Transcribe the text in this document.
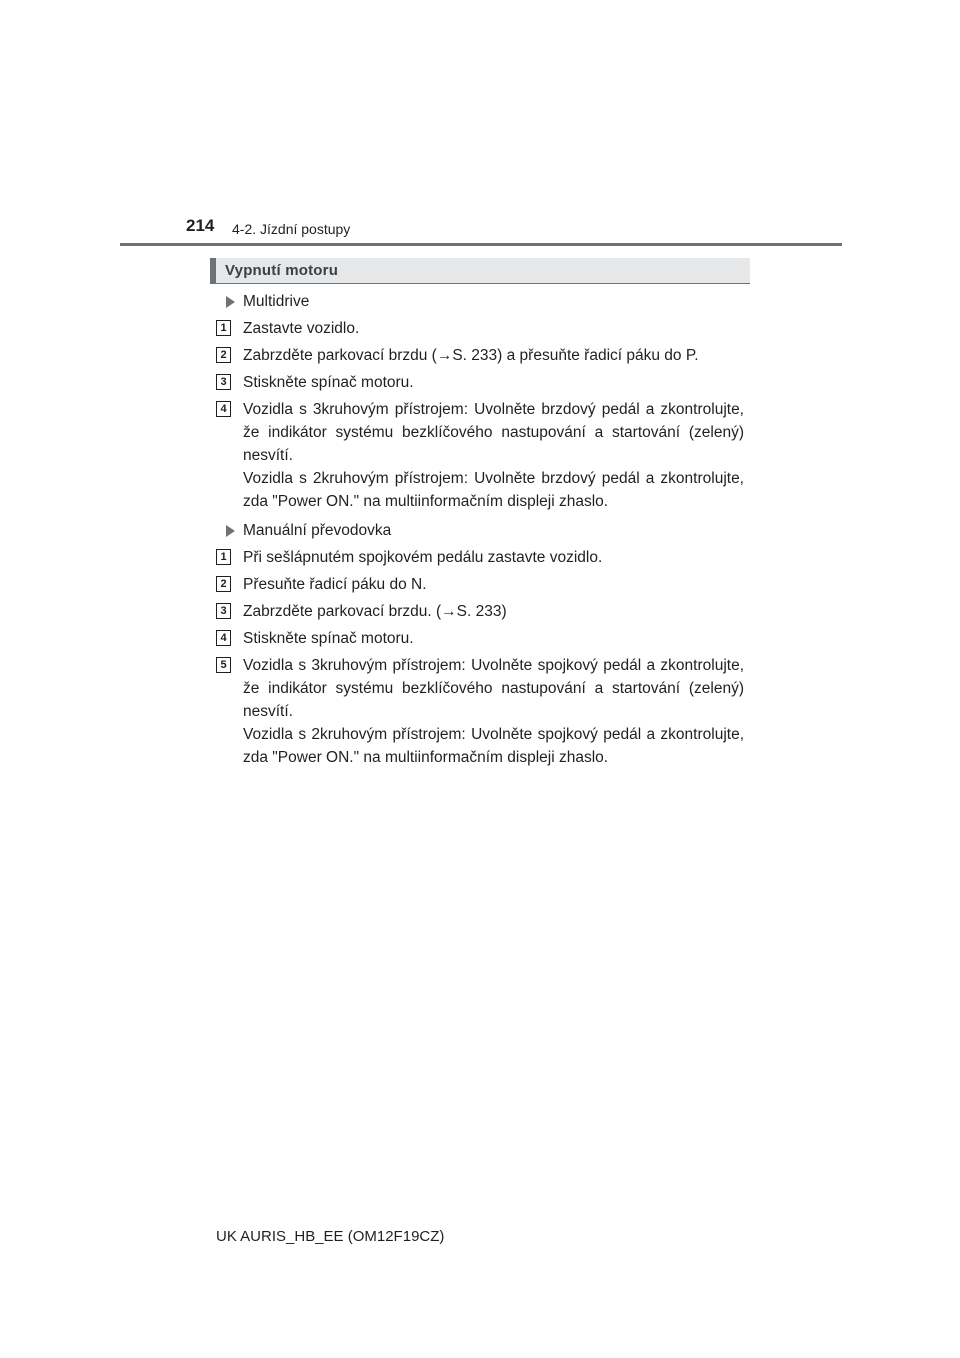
214 4-2. Jízdní postupy
Vypnutí motoru
Multidrive
1 Zastavte vozidlo.
2 Zabrzděte parkovací brzdu (→S. 233) a přesuňte řadicí páku do P.
3 Stiskněte spínač motoru.
4 Vozidla s 3kruhovým přístrojem: Uvolněte brzdový pedál a zkontrolujte, že indikátor systému bezklíčového nastupování a startování (zelený) nesvítí.
Vozidla s 2kruhovým přístrojem: Uvolněte brzdový pedál a zkontrolujte, zda "Power ON." na multiinformačním displeji zhaslo.
Manuální převodovka
1 Při sešlápnutém spojkovém pedálu zastavte vozidlo.
2 Přesuňte řadicí páku do N.
3 Zabrzděte parkovací brzdu. (→S. 233)
4 Stiskněte spínač motoru.
5 Vozidla s 3kruhovým přístrojem: Uvolněte spojkový pedál a zkontrolujte, že indikátor systému bezklíčového nastupování a startování (zelený) nesvítí.
Vozidla s 2kruhovým přístrojem: Uvolněte spojkový pedál a zkontrolujte, zda "Power ON." na multiinformačním displeji zhaslo.
UK AURIS_HB_EE (OM12F19CZ)
